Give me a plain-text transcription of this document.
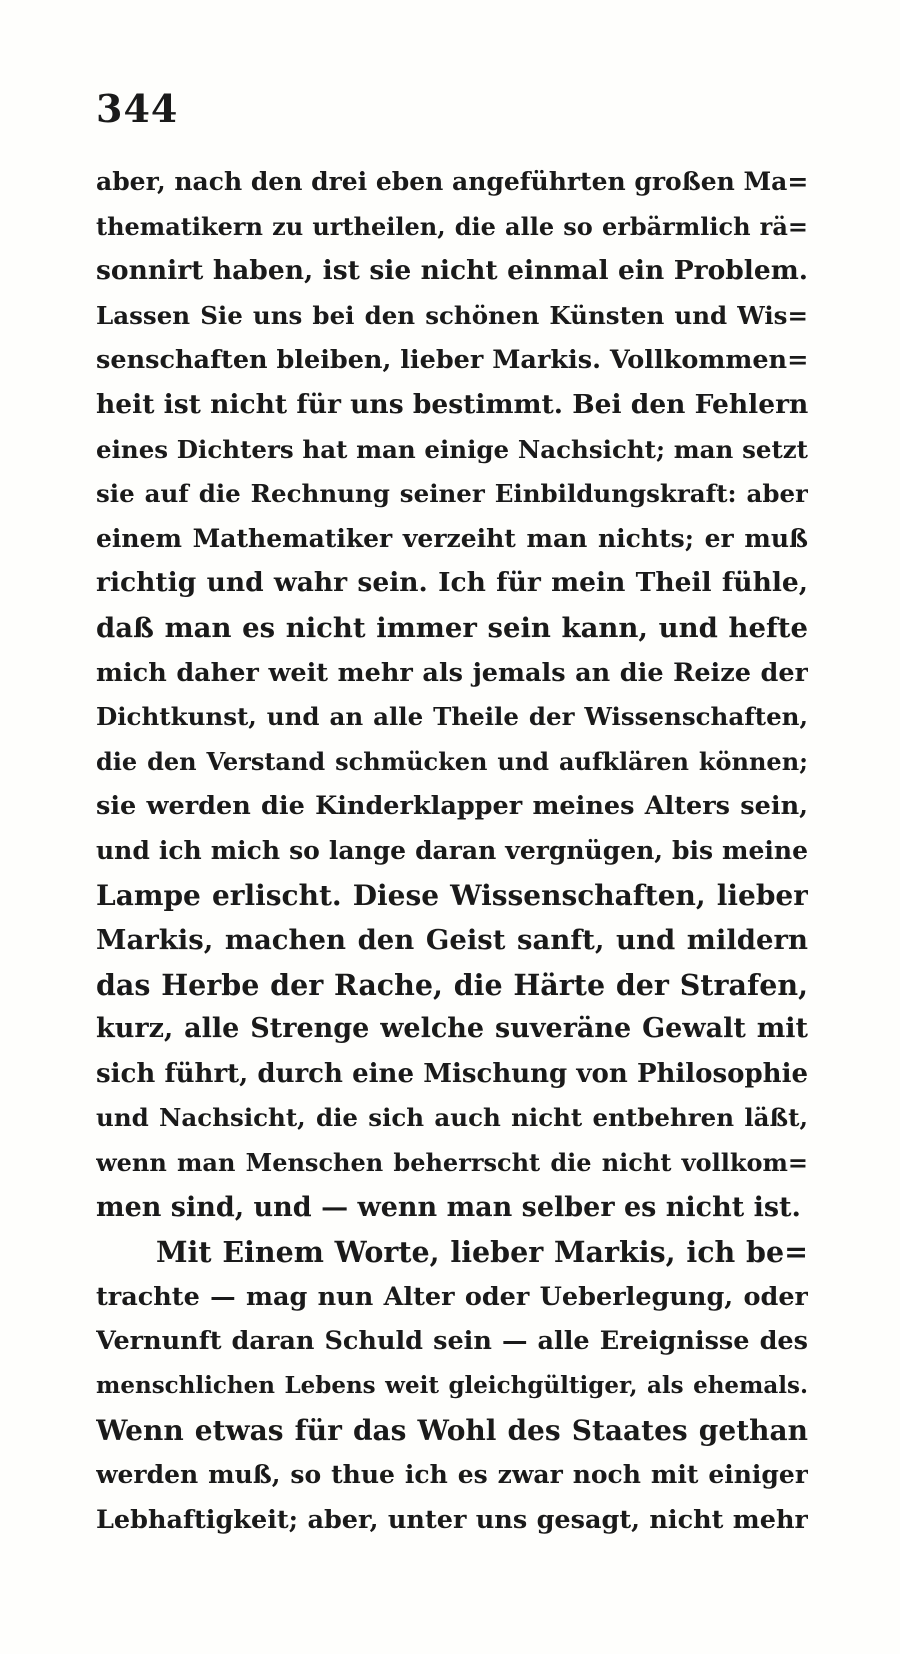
344
aber, nach den drei eben angeführten großen Ma=
thematikern zu urtheilen, die alle so erbärmlich rä=
sonnirt haben, ist sie nicht einmal ein Problem.
Lassen Sie uns bei den schönen Künsten und Wis=
senschaften bleiben, lieber Markis. Vollkommen=
heit ist nicht für uns bestimmt. Bei den Fehlern
eines Dichters hat man einige Nachsicht; man setzt
sie auf die Rechnung seiner Einbildungskraft: aber
einem Mathematiker verzeiht man nichts; er muß
richtig und wahr sein. Ich für mein Theil fühle,
daß man es nicht immer sein kann, und hefte
mich daher weit mehr als jemals an die Reize der
Dichtkunst, und an alle Theile der Wissenschaften,
die den Verstand schmücken und aufklären können;
sie werden die Kinderklapper meines Alters sein,
und ich mich so lange daran vergnügen, bis meine
Lampe erlischt. Diese Wissenschaften, lieber
Markis, machen den Geist sanft, und mildern
das Herbe der Rache, die Härte der Strafen,
kurz, alle Strenge welche suveräne Gewalt mit
sich führt, durch eine Mischung von Philosophie
und Nachsicht, die sich auch nicht entbehren läßt,
wenn man Menschen beherrscht die nicht vollkom=
men sind, und — wenn man selber es nicht ist.
Mit Einem Worte, lieber Markis, ich be=
trachte — mag nun Alter oder Ueberlegung, oder
Vernunft daran Schuld sein — alle Ereignisse des
menschlichen Lebens weit gleichgültiger, als ehemals.
Wenn etwas für das Wohl des Staates gethan
werden muß, so thue ich es zwar noch mit einiger
Lebhaftigkeit; aber, unter uns gesagt, nicht mehr
